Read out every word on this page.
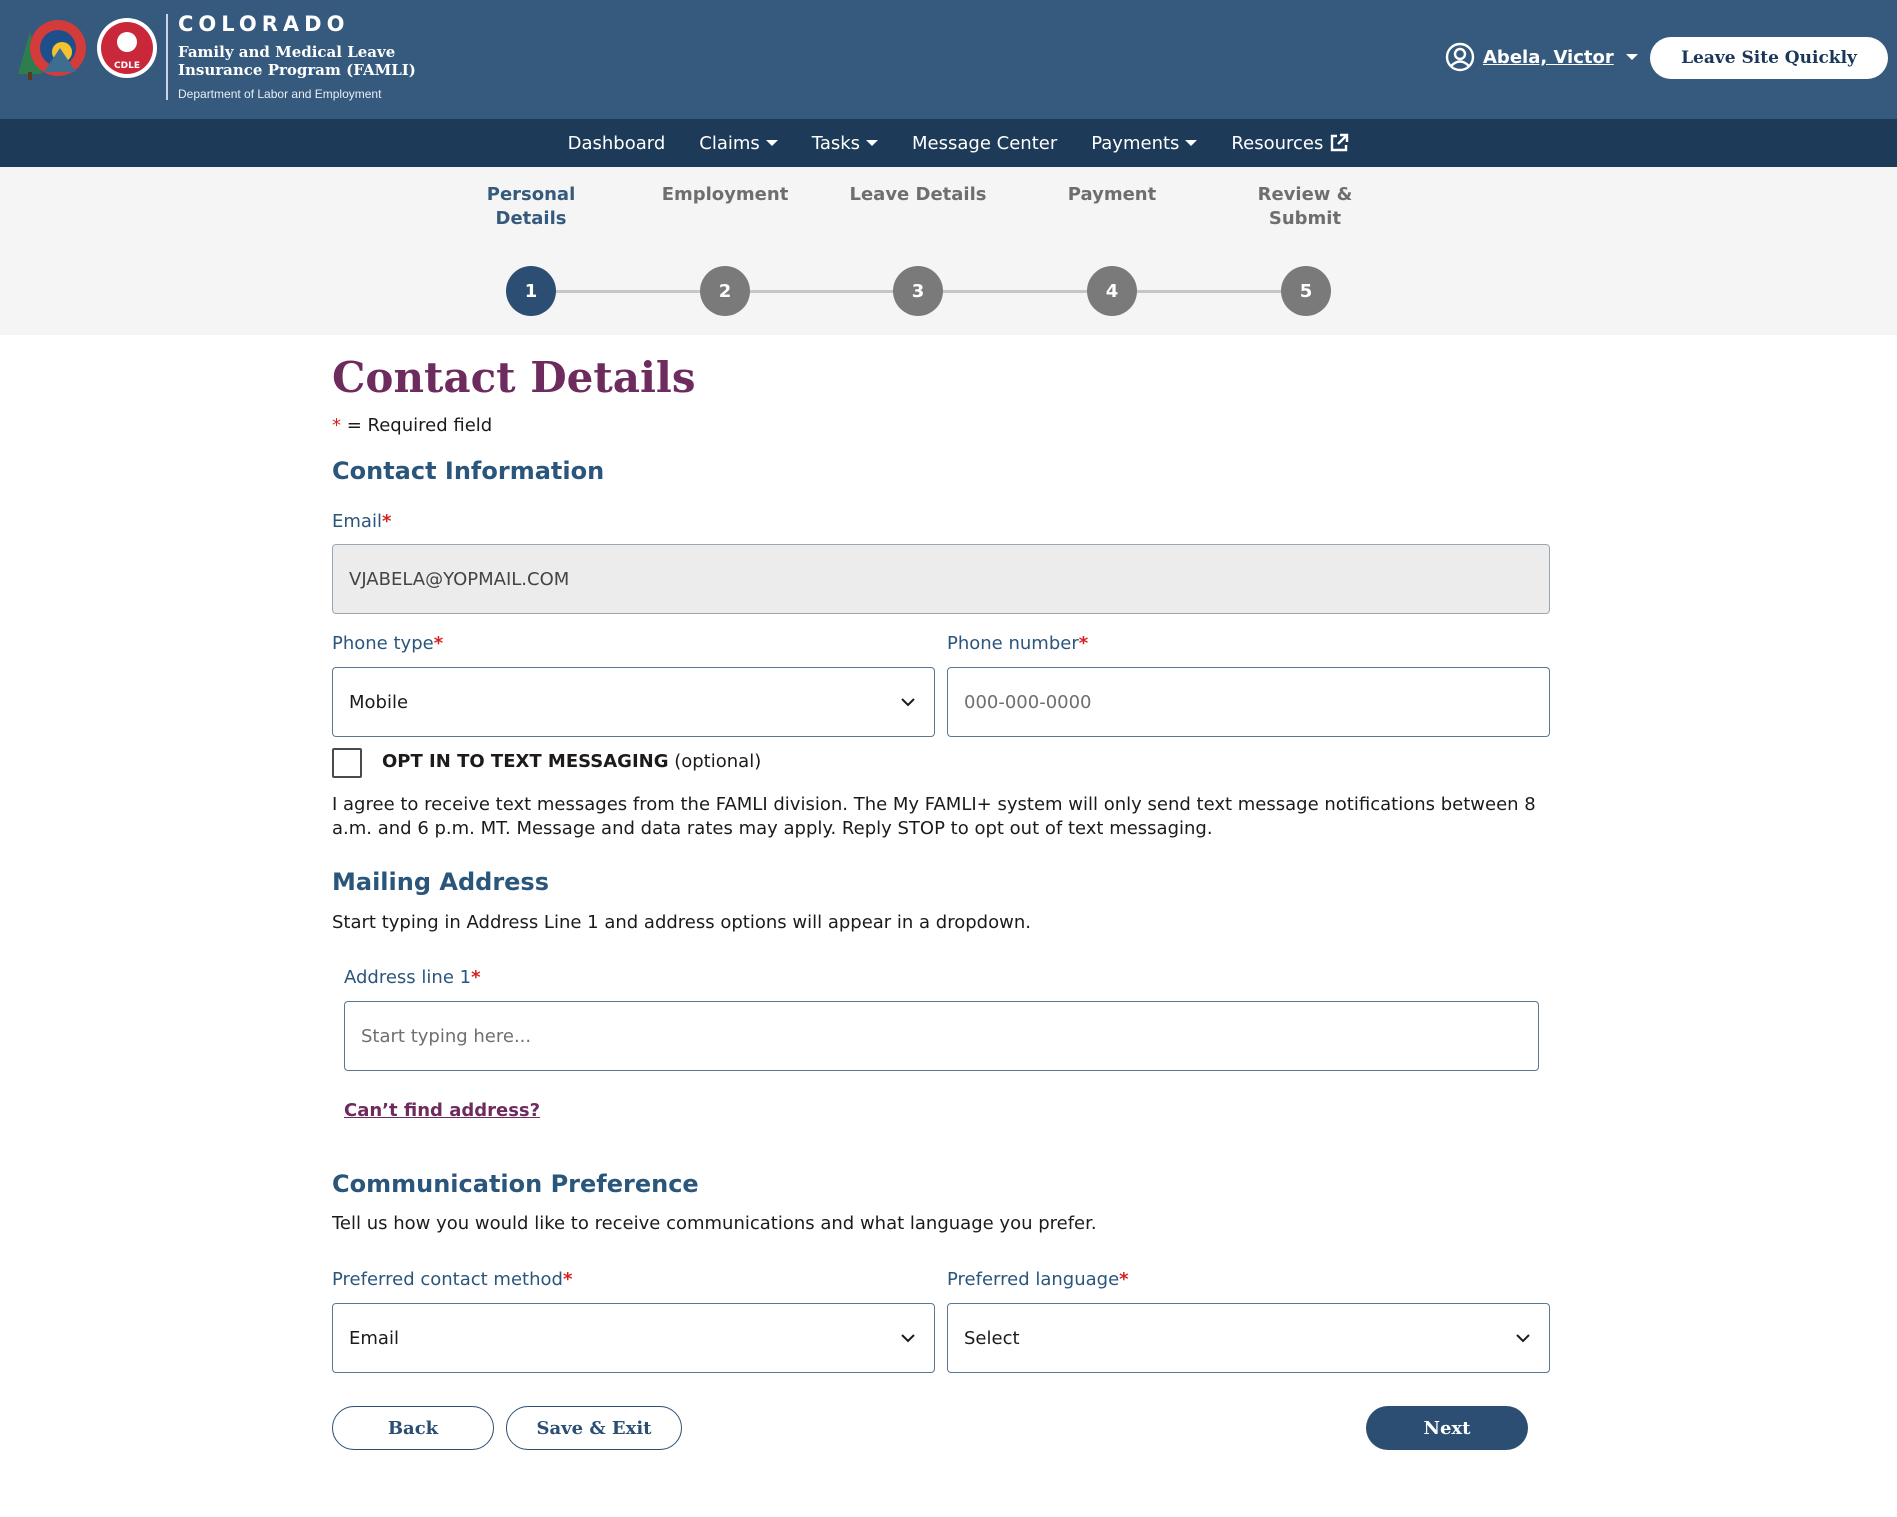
CDLE
COLORADO
Family and Medical Leave Insurance Program (FAMLI)
Department of Labor and Employment
Abela, Victor	Leave Site Quickly
Dashboard Claims	Tasks	Message Center Payments	Resources
Personal Details
Employment	Leave Details	Payment	Review & Submit
1	2	3	4	5
Contact Details
* = Required field
Contact Information
Email*
VJABELA@YOPMAIL.COM
Phone type*
Mobile
Phone number*
000-000-0000
OPT IN TO TEXT MESSAGING (optional)

I agree to receive text messages from the FAMLI division. The My FAMLI+ system will only send text message notifications between 8 a.m. and 6 p.m. MT. Message and data rates may apply. Reply STOP to opt out of text messaging.

Mailing Address

Start typing in Address Line 1 and address options will appear in a dropdown.

Address line 1*
Start typing here...
Can’t find address?
Communication Preference

Tell us how you would like to receive communications and what language you prefer.

Preferred contact method*
Email
Preferred language*
Select
Back	Save & Exit	Next
